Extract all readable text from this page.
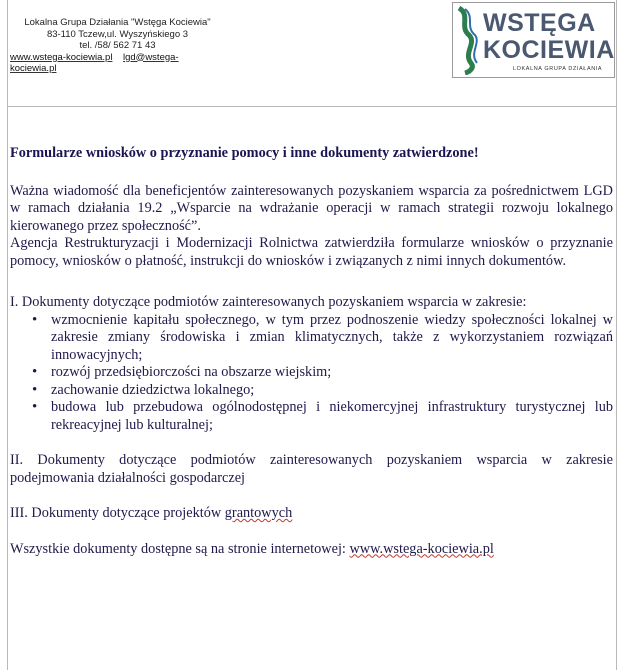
Lokalna Grupa Działania "Wstęga Kociewia"
83-110 Tczew,ul. Wyszyńskiego 3
tel. /58/ 562 71 43
www.wstega-kociewia.pl lgd@wstega-kociewia.pl
WSTĘGA
KOCIEWIA
LOKALNA GRUPA DZIAŁANIA

Formularze wniosków o przyznanie pomocy i inne dokumenty zatwierdzone!

Ważna wiadomość dla beneficjentów zainteresowanych pozyskaniem wsparcia za pośrednictwem LGD w ramach działania 19.2 „Wsparcie na wdrażanie operacji w ramach strategii rozwoju lokalnego kierowanego przez społeczność”.

Agencja Restrukturyzacji i Modernizacji Rolnictwa zatwierdziła formularze wniosków o przyznanie pomocy, wniosków o płatność, instrukcji do wniosków i związanych z nimi innych dokumentów.

I. Dokumenty dotyczące podmiotów zainteresowanych pozyskaniem wsparcia w zakresie:

• wzmocnienie kapitału społecznego, w tym przez podnoszenie wiedzy społeczności lokalnej w zakresie zmiany środowiska i zmian klimatycznych, także z wykorzystaniem rozwiązań innowacyjnych;
• rozwój przedsiębiorczości na obszarze wiejskim;
• zachowanie dziedzictwa lokalnego;
• budowa lub przebudowa ogólnodostępnej i niekomercyjnej infrastruktury turystycznej lub rekreacyjnej lub kulturalnej;

II. Dokumenty dotyczące podmiotów zainteresowanych pozyskaniem wsparcia w zakresie podejmowania działalności gospodarczej

III. Dokumenty dotyczące projektów grantowych

Wszystkie dokumenty dostępne są na stronie internetowej: www.wstega-kociewia.pl
